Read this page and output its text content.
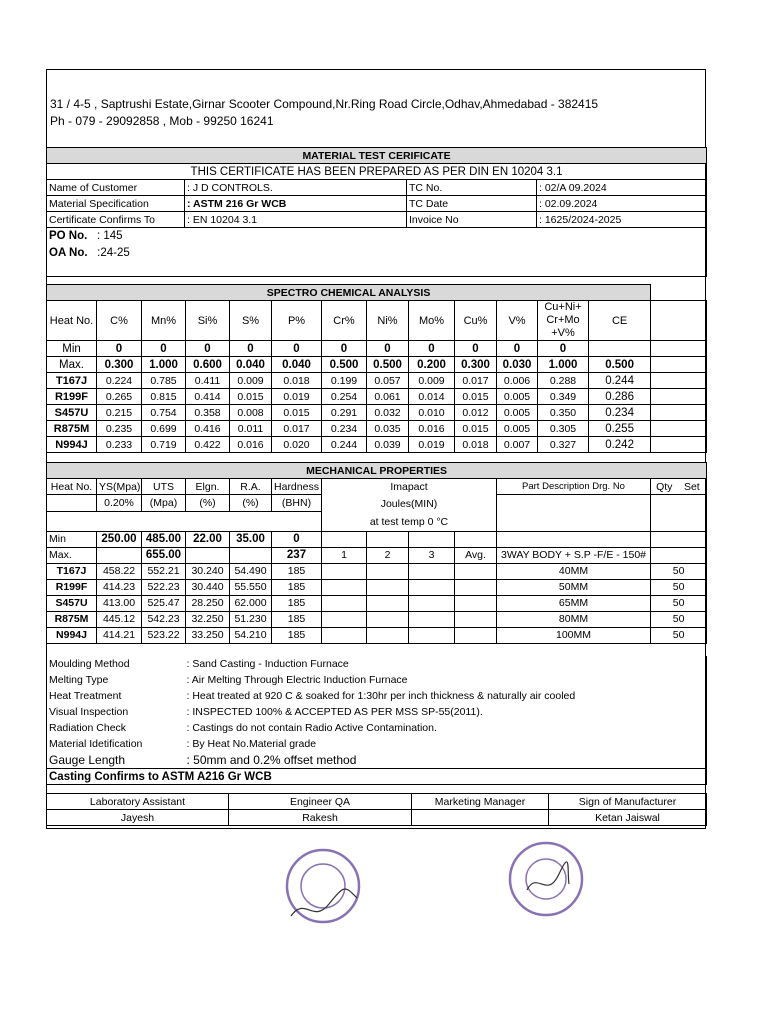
31 / 4-5 , Saptrushi Estate,Girnar Scooter Compound,Nr.Ring Road Circle,Odhav,Ahmedabad - 382415
Ph - 079 - 29092858 , Mob - 99250 16241
MATERIAL TEST CERIFICATE			
THIS CERTIFICATE HAS BEEN PREPARED AS PER DIN EN 10204 3.1			
Name of Customer	: J D CONTROLS.	TC No.	: 02/A 09.2024
Material Specification	: ASTM 216 Gr WCB	TC Date	: 02.09.2024
Certificate Confirms To	: EN 10204 3.1	Invoice No	: 1625/2024-2025

PO No. : 145
OA No. :24-25			
SPECTRO CHEMICAL ANALYSIS													
Heat No.	C%	Mn%	Si%	S%	P%	Cr%	Ni%	Mo%	Cu%	V%	Cu+Ni+ Cr+Mo +V%	CE	
Min	0	0	0	0	0	0	0	0	0	0	0		
Max.	0.300	1.000	0.600	0.040	0.040	0.500	0.500	0.200	0.300	0.030	1.000	0.500	
T167J	0.224	0.785	0.411	0.009	0.018	0.199	0.057	0.009	0.017	0.006	0.288	0.244	
R199F	0.265	0.815	0.414	0.015	0.019	0.254	0.061	0.014	0.015	0.005	0.349	0.286	
S457U	0.215	0.754	0.358	0.008	0.015	0.291	0.032	0.010	0.012	0.005	0.350	0.234	
R875M	0.235	0.699	0.416	0.011	0.017	0.234	0.035	0.016	0.015	0.005	0.305	0.255	
N994J	0.233	0.719	0.422	0.016	0.020	0.244	0.039	0.019	0.018	0.007	0.327	0.242	
MECHANICAL PROPERTIES												
Heat No.	YS(Mpa)	UTS	Elgn.	R.A.	Hardness	Imapact				Part Description Drg. No	Qty	Set
	0.20%	(Mpa)	(%)	(%)	(BHN)	Joules(MIN)
at test temp 0 °C						

Min	250.00	485.00	22.00	35.00	0							
Max.		655.00			237	1	2	3	Avg.	3WAY BODY + S.P -F/E - 150#		
T167J	458.22	552.21	30.240	54.490	185					40MM	50	
R199F	414.23	522.23	30.440	55.550	185					50MM	50	
S457U	413.00	525.47	28.250	62.000	185					65MM	50	
R875M	445.12	542.23	32.250	51.230	185					80MM	50	
N994J	414.21	523.22	33.250	54.210	185					100MM	50	
Moulding Method	: Sand Casting - Induction Furnace
Melting Type	: Air Melting Through Electric Induction Furnace
Heat Treatment	: Heat treated at 920 C & soaked for 1:30hr per inch thickness & naturally air cooled
Visual Inspection	: INSPECTED 100% & ACCEPTED AS PER MSS SP-55(2011).
Radiation Check	: Castings do not contain Radio Active Contamination.
Material Idetification	: By Heat No.Material grade
Gauge Length	: 50mm and 0.2% offset method
Casting Confirms to ASTM A216 Gr WCB	
Laboratory Assistant	Engineer QA	Marketing Manager	Sign of Manufacturer
Jayesh	Rakesh		Ketan Jaiswal
